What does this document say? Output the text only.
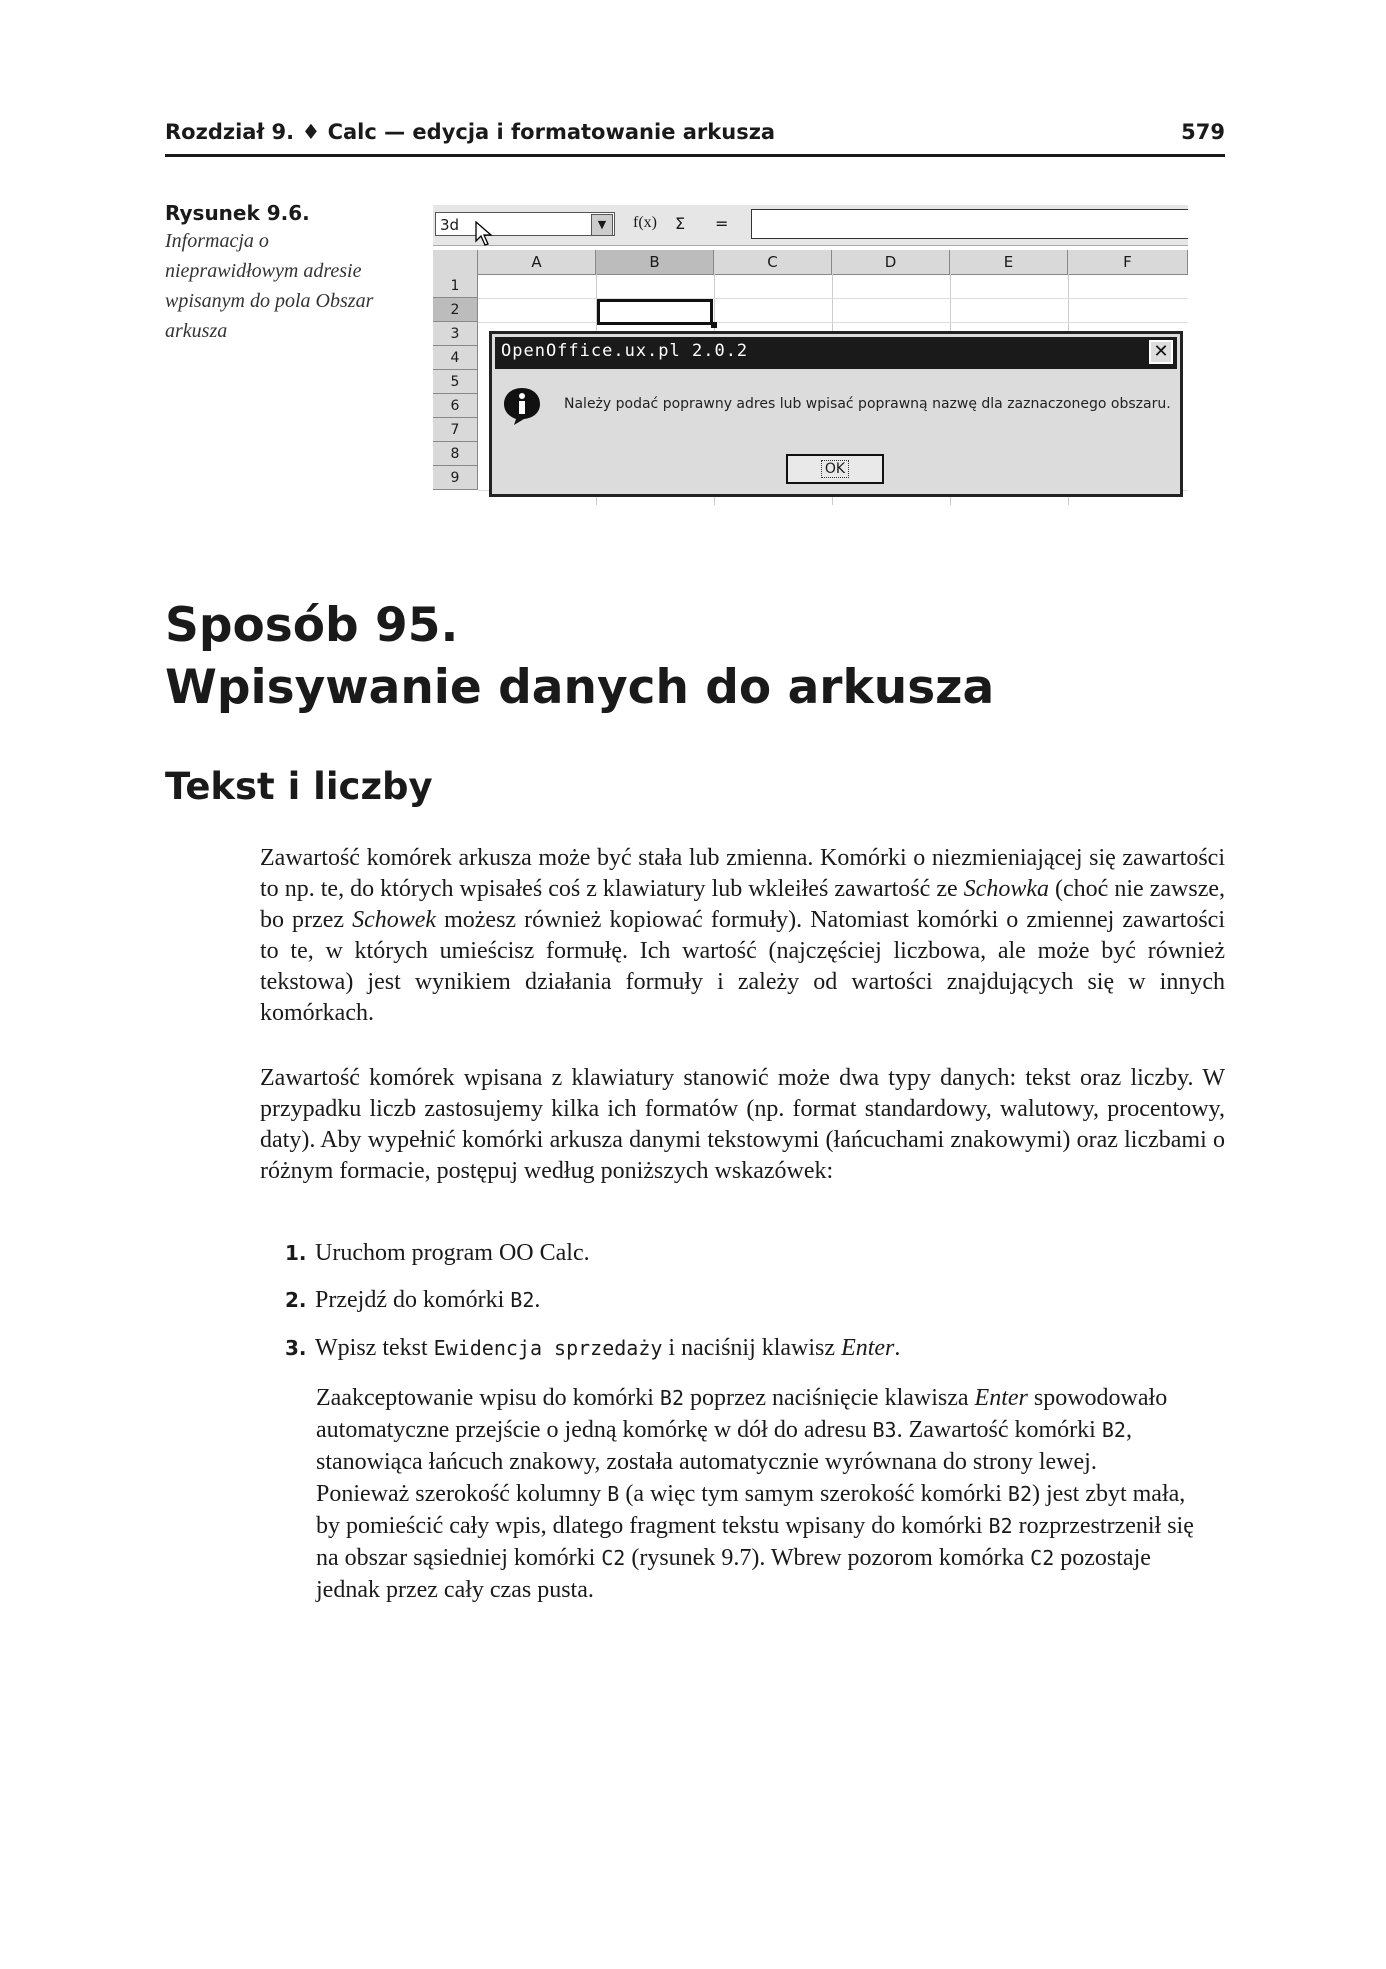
Rozdział 9. ♦ Calc — edycja i formatowanie arkusza	579
Rysunek 9.6.
Informacja o nieprawidłowym adresie wpisanym do pola Obszar arkusza
3d	▼	f(x) Σ =
A	B	C	D	E	F
1
2
3
4
5
6
7
8
9
OpenOffice.ux.pl 2.0.2	✕
Należy podać poprawny adres lub wpisać poprawną nazwę dla zaznaczonego obszaru.
OK
Sposób 95.
Wpisywanie danych do arkusza
Tekst i liczby
Zawartość komórek arkusza może być stała lub zmienna. Komórki o niezmieniającej się zawartości to np. te, do których wpisałeś coś z klawiatury lub wkleiłeś zawartość ze Schowka (choć nie zawsze, bo przez Schowek możesz również kopiować formuły). Natomiast komórki o zmiennej zawartości to te, w których umieścisz formułę. Ich wartość (najczęściej liczbowa, ale może być również tekstowa) jest wynikiem działania formuły i zależy od wartości znajdujących się w innych komórkach.
Zawartość komórek wpisana z klawiatury stanowić może dwa typy danych: tekst oraz liczby. W przypadku liczb zastosujemy kilka ich formatów (np. format standardowy, walutowy, procentowy, daty). Aby wypełnić komórki arkusza danymi tekstowymi (łańcuchami znakowymi) oraz liczbami o różnym formacie, postępuj według poniższych wskazówek:
1. Uruchom program OO Calc.
2. Przejdź do komórki B2.
3. Wpisz tekst Ewidencja sprzedaży i naciśnij klawisz Enter.
Zaakceptowanie wpisu do komórki B2 poprzez naciśnięcie klawisza Enter spowodowało automatyczne przejście o jedną komórkę w dół do adresu B3. Zawartość komórki B2, stanowiąca łańcuch znakowy, została automatycznie wyrównana do strony lewej. Ponieważ szerokość kolumny B (a więc tym samym szerokość komórki B2) jest zbyt mała, by pomieścić cały wpis, dlatego fragment tekstu wpisany do komórki B2 rozprzestrzenił się na obszar sąsiedniej komórki C2 (rysunek 9.7). Wbrew pozorom komórka C2 pozostaje jednak przez cały czas pusta.
